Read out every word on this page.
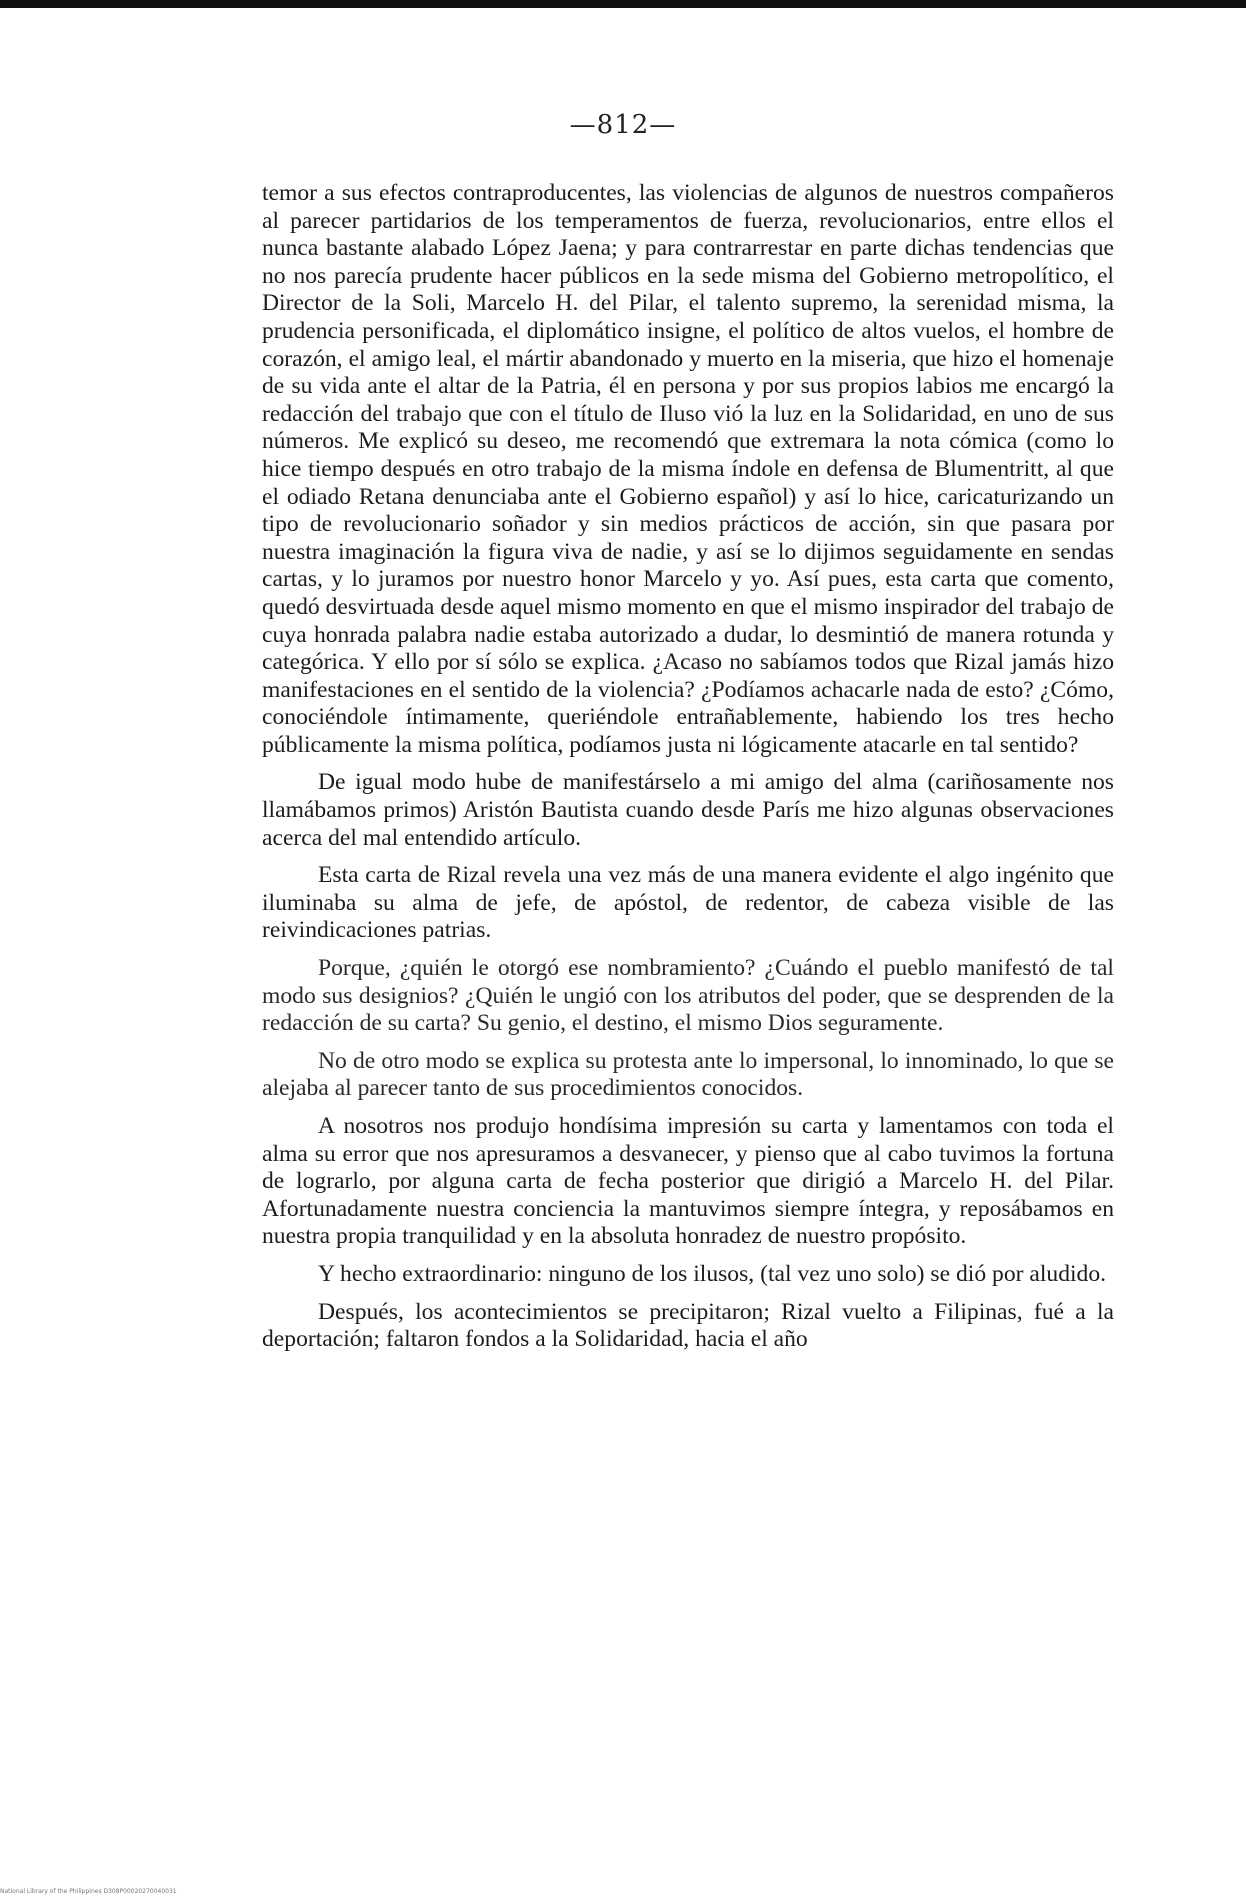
—812—

temor a sus efectos contraproducentes, las violencias de algunos de nuestros compañeros al parecer partidarios de los temperamentos de fuerza, revolucionarios, entre ellos el nunca bastante alabado López Jaena; y para contrarrestar en parte dichas tendencias que no nos parecía prudente hacer públicos en la sede misma del Gobierno metropolítico, el Director de la Soli, Marcelo H. del Pilar, el talento supremo, la serenidad misma, la prudencia personificada, el diplomático insigne, el político de altos vuelos, el hombre de corazón, el amigo leal, el mártir abandonado y muerto en la miseria, que hizo el homenaje de su vida ante el altar de la Patria, él en persona y por sus propios labios me encargó la redacción del trabajo que con el título de Iluso vió la luz en la Solidaridad, en uno de sus números. Me explicó su deseo, me recomendó que extremara la nota cómica (como lo hice tiempo después en otro trabajo de la misma índole en defensa de Blumentritt, al que el odiado Retana denunciaba ante el Gobierno español) y así lo hice, caricaturizando un tipo de revolucionario soñador y sin medios prácticos de acción, sin que pasara por nuestra imaginación la figura viva de nadie, y así se lo dijimos seguidamente en sendas cartas, y lo juramos por nuestro honor Marcelo y yo. Así pues, esta carta que comento, quedó desvirtuada desde aquel mismo momento en que el mismo inspirador del trabajo de cuya honrada palabra nadie estaba autorizado a dudar, lo desmintió de manera rotunda y categórica. Y ello por sí sólo se explica. ¿Acaso no sabíamos todos que Rizal jamás hizo manifestaciones en el sentido de la violencia? ¿Podíamos achacarle nada de esto? ¿Cómo, conociéndole íntimamente, queriéndole entrañablemente, habiendo los tres hecho públicamente la misma política, podíamos justa ni lógicamente atacarle en tal sentido?

De igual modo hube de manifestárselo a mi amigo del alma (cariñosamente nos llamábamos primos) Aristón Bautista cuando desde París me hizo algunas observaciones acerca del mal entendido artículo.

Esta carta de Rizal revela una vez más de una manera evidente el algo ingénito que iluminaba su alma de jefe, de apóstol, de redentor, de cabeza visible de las reivindicaciones patrias.

Porque, ¿quién le otorgó ese nombramiento? ¿Cuándo el pueblo manifestó de tal modo sus designios? ¿Quién le ungió con los atributos del poder, que se desprenden de la redacción de su carta? Su genio, el destino, el mismo Dios seguramente.

No de otro modo se explica su protesta ante lo impersonal, lo innominado, lo que se alejaba al parecer tanto de sus procedimientos conocidos.

A nosotros nos produjo hondísima impresión su carta y lamentamos con toda el alma su error que nos apresuramos a desvanecer, y pienso que al cabo tuvimos la fortuna de lograrlo, por alguna carta de fecha posterior que dirigió a Marcelo H. del Pilar. Afortunadamente nuestra conciencia la mantuvimos siempre íntegra, y reposábamos en nuestra propia tranquilidad y en la absoluta honradez de nuestro propósito.

Y hecho extraordinario: ninguno de los ilusos, (tal vez uno solo) se dió por aludido.

Después, los acontecimientos se precipitaron; Rizal vuelto a Filipinas, fué a la deportación; faltaron fondos a la Solidaridad, hacia el año

National Library of the Philippines D308P00020270040031
